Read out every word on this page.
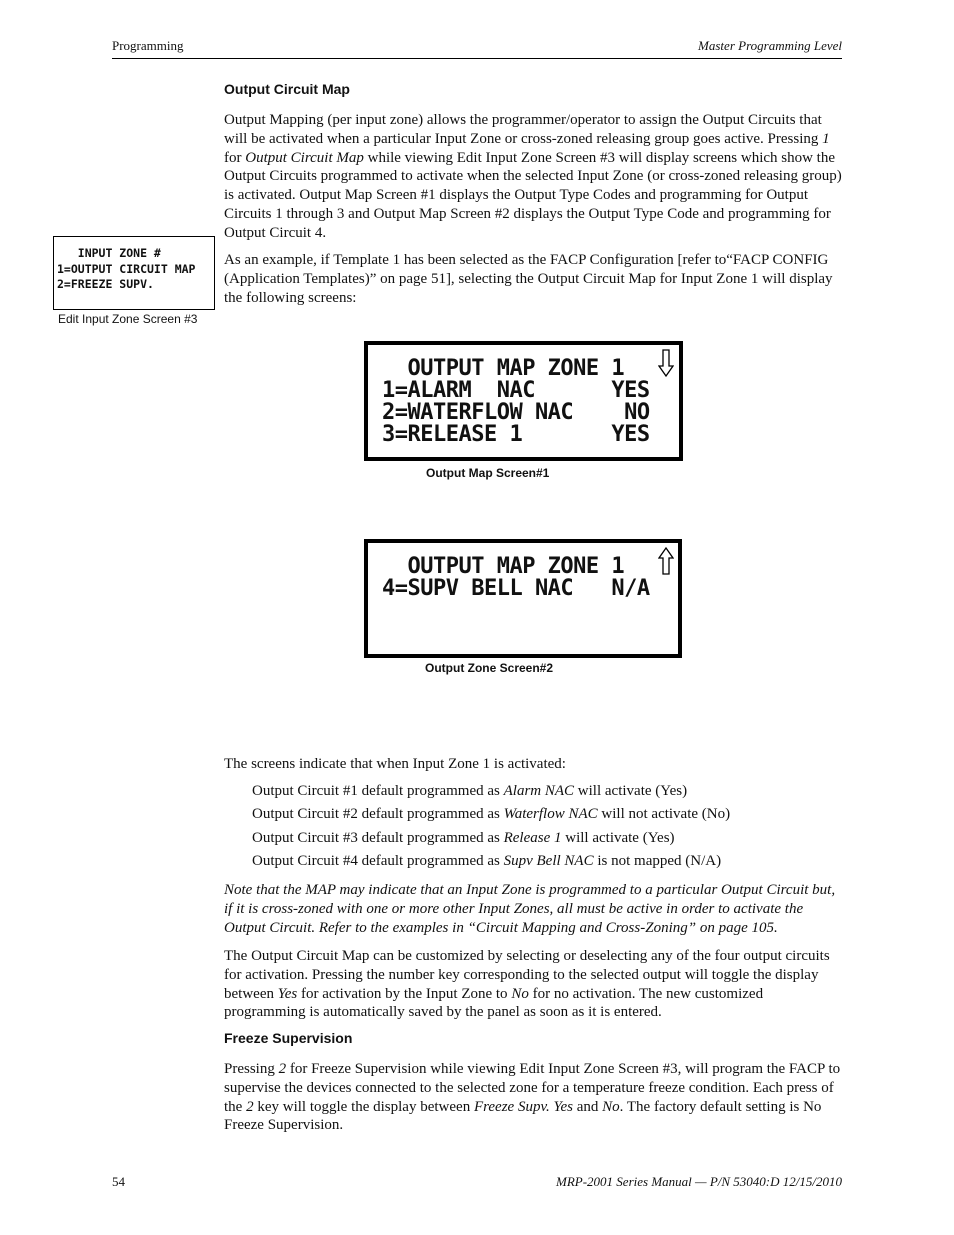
Programming	Master Programming Level
Output Circuit Map
Output Mapping (per input zone) allows the programmer/operator to assign the Output Circuits that will be activated when a particular Input Zone or cross-zoned releasing group goes active. Pressing 1 for Output Circuit Map while viewing Edit Input Zone Screen #3 will display screens which show the Output Circuits programmed to activate when the selected Input Zone (or cross-zoned releasing group) is activated. Output Map Screen #1 displays the Output Type Codes and programming for Output Circuits 1 through 3 and Output Map Screen #2 displays the Output Type Code and programming for Output Circuit 4.
INPUT ZONE #
1=OUTPUT CIRCUIT MAP
2=FREEZE SUPV.
Edit Input Zone Screen #3
As an example, if Template 1 has been selected as the FACP Configuration [refer to“FACP CONFIG (Application Templates)” on page 51], selecting the Output Circuit Map for Input Zone 1 will display the following screens:
OUTPUT MAP ZONE 1
1=ALARM  NAC      YES
2=WATERFLOW NAC    NO
3=RELEASE 1       YES
Output Map Screen#1
OUTPUT MAP ZONE 1
4=SUPV BELL NAC   N/A
Output Zone Screen#2
The screens indicate that when Input Zone 1 is activated:
Output Circuit #1 default programmed as Alarm NAC will activate (Yes)
Output Circuit #2 default programmed as Waterflow NAC will not activate (No)
Output Circuit #3 default programmed as Release 1 will activate (Yes)
Output Circuit #4 default programmed as Supv Bell NAC is not mapped (N/A)
Note that the MAP may indicate that an Input Zone is programmed to a particular Output Circuit but, if it is cross-zoned with one or more other Input Zones, all must be active in order to activate the Output Circuit. Refer to the examples in “Circuit Mapping and Cross-Zoning” on page 105.
The Output Circuit Map can be customized by selecting or deselecting any of the four output circuits for activation. Pressing the number key corresponding to the selected output will toggle the display between Yes for activation by the Input Zone to No for no activation. The new customized programming is automatically saved by the panel as soon as it is entered.
Freeze Supervision
Pressing 2 for Freeze Supervision while viewing Edit Input Zone Screen #3, will program the FACP to supervise the devices connected to the selected zone for a temperature freeze condition. Each press of the 2 key will toggle the display between Freeze Supv. Yes and No. The factory default setting is No Freeze Supervision.
54	MRP-2001 Series Manual — P/N 53040:D 12/15/2010
